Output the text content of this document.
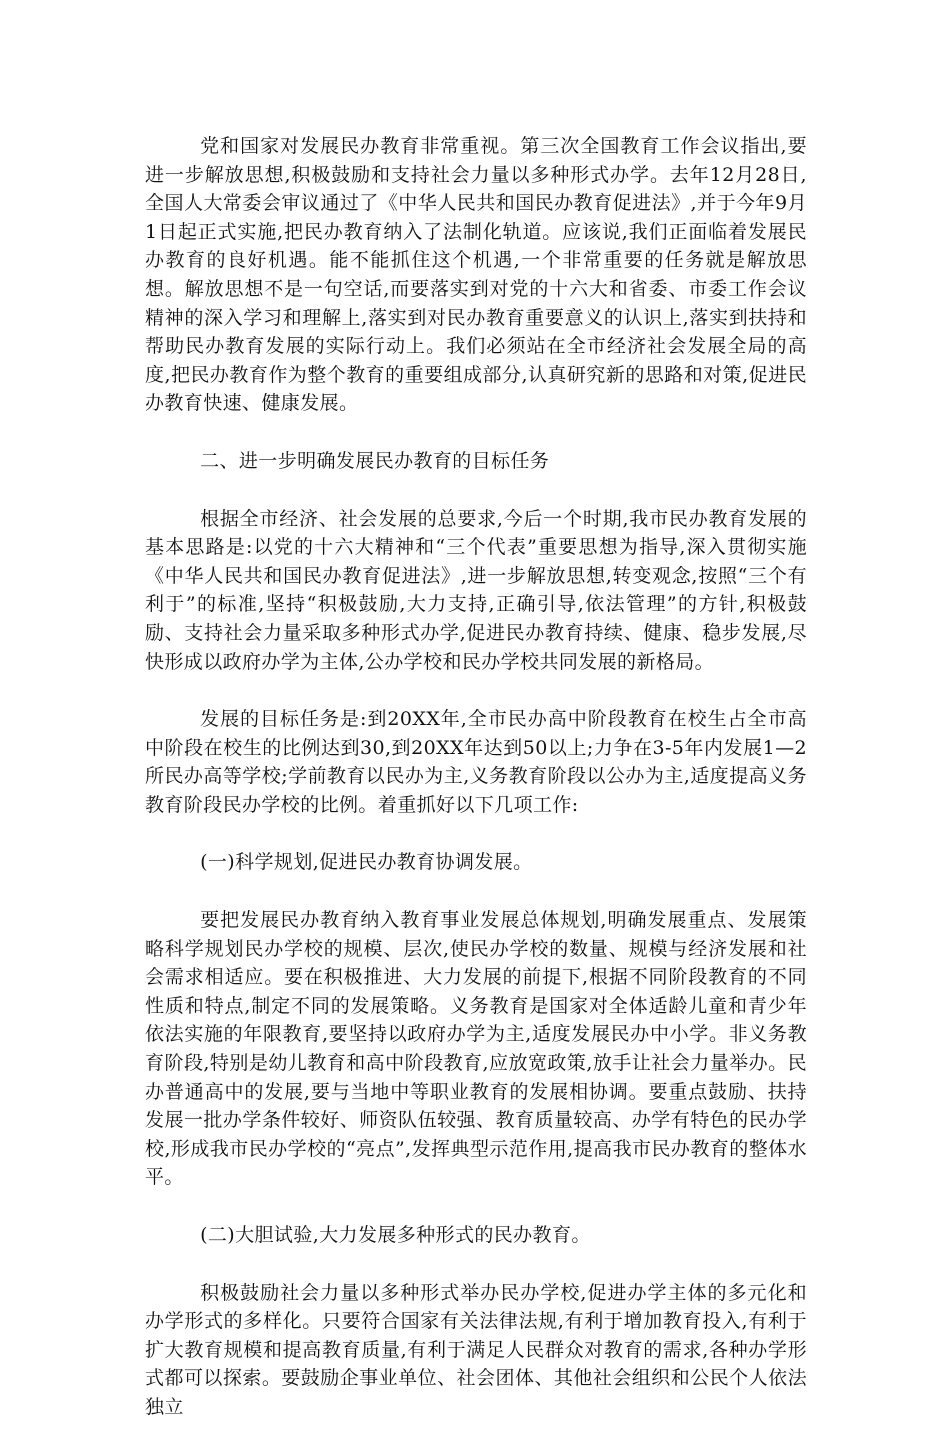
党和国家对发展民办教育非常重视。第三次全国教育工作会议指出,要进一步解放思想,积极鼓励和支持社会力量以多种形式办学。去年12月28日,全国人大常委会审议通过了《中华人民共和国民办教育促进法》,并于今年9月1日起正式实施,把民办教育纳入了法制化轨道。应该说,我们正面临着发展民办教育的良好机遇。能不能抓住这个机遇,一个非常重要的任务就是解放思想。解放思想不是一句空话,而要落实到对党的十六大和省委、市委工作会议精神的深入学习和理解上,落实到对民办教育重要意义的认识上,落实到扶持和帮助民办教育发展的实际行动上。我们必须站在全市经济社会发展全局的高度,把民办教育作为整个教育的重要组成部分,认真研究新的思路和对策,促进民办教育快速、健康发展。

二、进一步明确发展民办教育的目标任务

根据全市经济、社会发展的总要求,今后一个时期,我市民办教育发展的基本思路是:以党的十六大精神和“三个代表”重要思想为指导,深入贯彻实施《中华人民共和国民办教育促进法》,进一步解放思想,转变观念,按照“三个有利于”的标准,坚持“积极鼓励,大力支持,正确引导,依法管理”的方针,积极鼓励、支持社会力量采取多种形式办学,促进民办教育持续、健康、稳步发展,尽快形成以政府办学为主体,公办学校和民办学校共同发展的新格局。

发展的目标任务是:到20XX年,全市民办高中阶段教育在校生占全市高中阶段在校生的比例达到30,到20XX年达到50以上;力争在3-5年内发展1—2所民办高等学校;学前教育以民办为主,义务教育阶段以公办为主,适度提高义务教育阶段民办学校的比例。着重抓好以下几项工作:

(一)科学规划,促进民办教育协调发展。

要把发展民办教育纳入教育事业发展总体规划,明确发展重点、发展策略科学规划民办学校的规模、层次,使民办学校的数量、规模与经济发展和社会需求相适应。要在积极推进、大力发展的前提下,根据不同阶段教育的不同性质和特点,制定不同的发展策略。义务教育是国家对全体适龄儿童和青少年依法实施的年限教育,要坚持以政府办学为主,适度发展民办中小学。非义务教育阶段,特别是幼儿教育和高中阶段教育,应放宽政策,放手让社会力量举办。民办普通高中的发展,要与当地中等职业教育的发展相协调。要重点鼓励、扶持发展一批办学条件较好、师资队伍较强、教育质量较高、办学有特色的民办学校,形成我市民办学校的“亮点”,发挥典型示范作用,提高我市民办教育的整体水平。

(二)大胆试验,大力发展多种形式的民办教育。

积极鼓励社会力量以多种形式举办民办学校,促进办学主体的多元化和办学形式的多样化。只要符合国家有关法律法规,有利于增加教育投入,有利于扩大教育规模和提高教育质量,有利于满足人民群众对教育的需求,各种办学形式都可以探索。要鼓励企事业单位、社会团体、其他社会组织和公民个人依法独立
